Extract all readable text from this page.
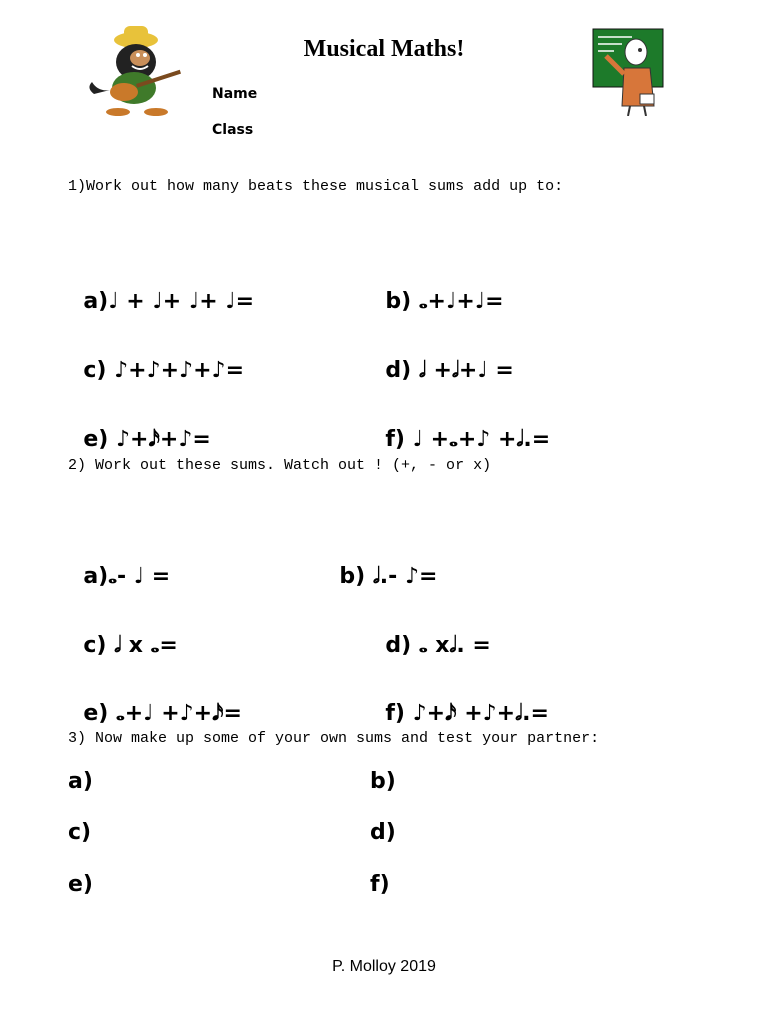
Musical Maths!
Name
Class
1)Work out how many beats these musical sums add up to:

a)♩ + ♩+ ♩+ ♩=	b) 𝅝+♩+♩=

c) ♪+♪+♪+♪=	d) 𝅗𝅥 +𝅗𝅥+♩ =

e) ♪+𝅘𝅥𝅯+♪=	f) ♩ +𝅝+♪ +𝅗𝅥.=

2) Work out these sums. Watch out ! (+, - or x)

a)𝅝- ♩ =	b) 𝅗𝅥.- ♪=

c) 𝅗𝅥 x 𝅝=	d) 𝅝 x𝅗𝅥. =

e) 𝅝+♩ +♪+𝅘𝅥𝅯=	f) ♪+𝅘𝅥𝅯 +♪+𝅗𝅥.=

3) Now make up some of your own sums and test your partner:
a)	b)
c)	d)
e)	f)
P. Molloy 2019
